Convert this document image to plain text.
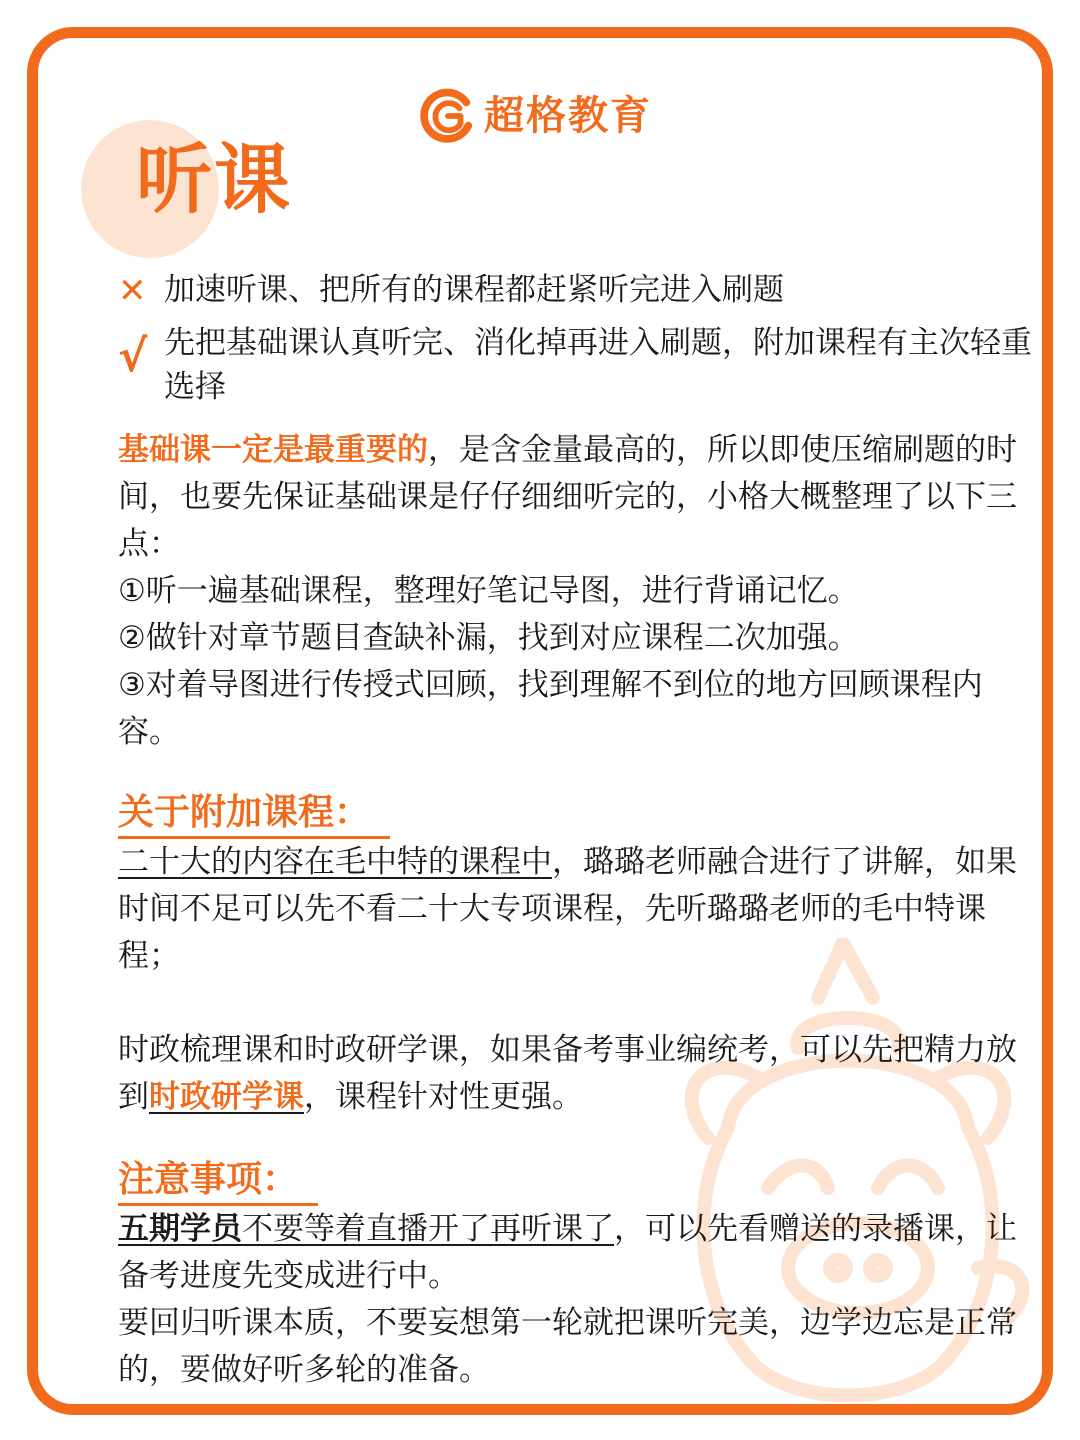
超格教育
听课
✕ 加速听课、把所有的课程都赶紧听完进入刷题
√ 先把基础课认真听完、消化掉再进入刷题，附加课程有主次轻重选择

基础课一定是最重要的，是含金量最高的，所以即使压缩刷题的时间，也要先保证基础课是仔仔细细听完的，小格大概整理了以下三点：

①听一遍基础课程，整理好笔记导图，进行背诵记忆。

②做针对章节题目查缺补漏，找到对应课程二次加强。

③对着导图进行传授式回顾，找到理解不到位的地方回顾课程内容。

关于附加课程：

二十大的内容在毛中特的课程中，璐璐老师融合进行了讲解，如果时间不足可以先不看二十大专项课程，先听璐璐老师的毛中特课程；

时政梳理课和时政研学课，如果备考事业编统考，可以先把精力放到时政研学课，课程针对性更强。

注意事项：

五期学员不要等着直播开了再听课了，可以先看赠送的录播课，让备考进度先变成进行中。

要回归听课本质，不要妄想第一轮就把课听完美，边学边忘是正常的，要做好听多轮的准备。
